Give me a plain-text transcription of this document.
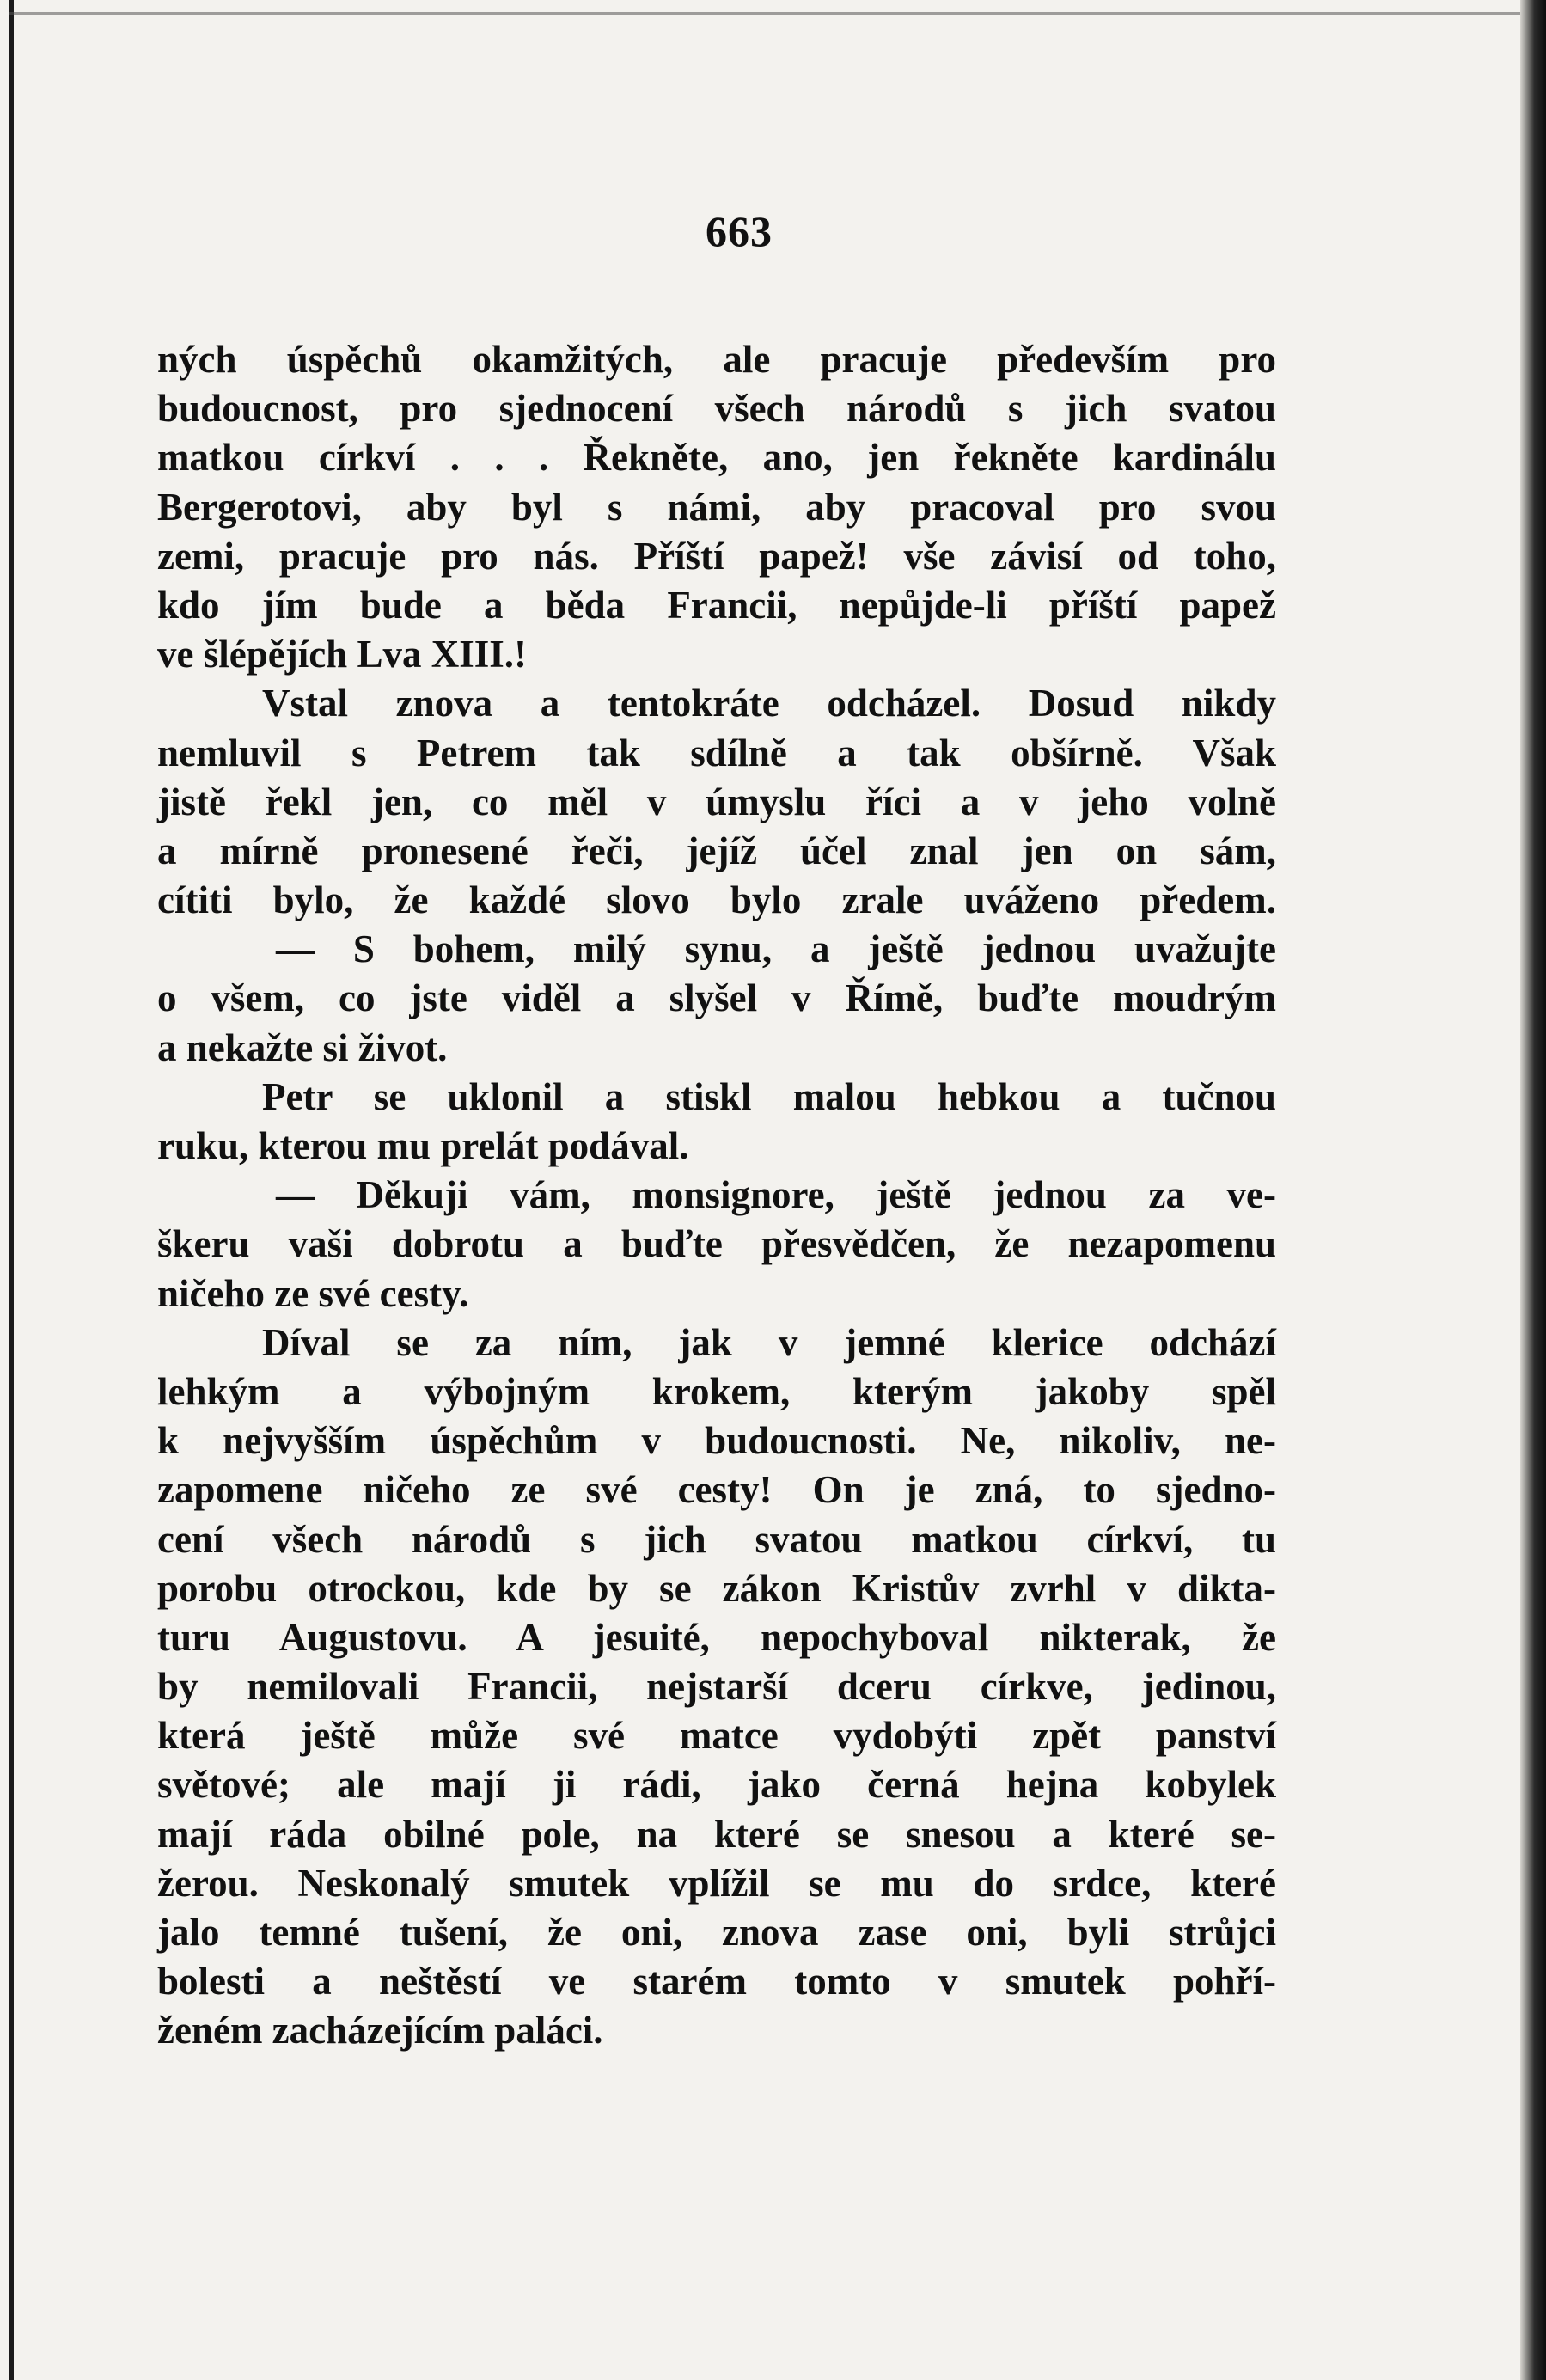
663
ných úspěchů okamžitých, ale pracuje především pro
budoucnost, pro sjednocení všech národů s jich svatou
matkou církví . . . Řekněte, ano, jen řekněte kardinálu
Bergerotovi, aby byl s námi, aby pracoval pro svou
zemi, pracuje pro nás. Příští papež! vše závisí od toho,
kdo jím bude a běda Francii, nepůjde-li příští papež
ve šlépějích Lva XIII.!
Vstal znova a tentokráte odcházel. Dosud nikdy
nemluvil s Petrem tak sdílně a tak obšírně. Však
jistě řekl jen, co měl v úmyslu říci a v jeho volně
a mírně pronesené řeči, jejíž účel znal jen on sám,
cítiti bylo, že každé slovo bylo zrale uváženo předem.
— S bohem, milý synu, a ještě jednou uvažujte
o všem, co jste viděl a slyšel v Římě, buďte moudrým
a nekažte si život.
Petr se uklonil a stiskl malou hebkou a tučnou
ruku, kterou mu prelát podával.
— Děkuji vám, monsignore, ještě jednou za ve-
škeru vaši dobrotu a buďte přesvědčen, že nezapomenu
ničeho ze své cesty.
Díval se za ním, jak v jemné klerice odchází
lehkým a výbojným krokem, kterým jakoby spěl
k nejvyšším úspěchům v budoucnosti. Ne, nikoliv, ne-
zapomene ničeho ze své cesty! On je zná, to sjedno-
cení všech národů s jich svatou matkou církví, tu
porobu otrockou, kde by se zákon Kristův zvrhl v dikta-
turu Augustovu. A jesuité, nepochyboval nikterak, že
by nemilovali Francii, nejstarší dceru církve, jedinou,
která ještě může své matce vydobýti zpět panství
světové; ale mají ji rádi, jako černá hejna kobylek
mají ráda obilné pole, na které se snesou a které se-
žerou. Neskonalý smutek vplížil se mu do srdce, které
jalo temné tušení, že oni, znova zase oni, byli strůjci
bolesti a neštěstí ve starém tomto v smutek pohří-
ženém zacházejícím paláci.
